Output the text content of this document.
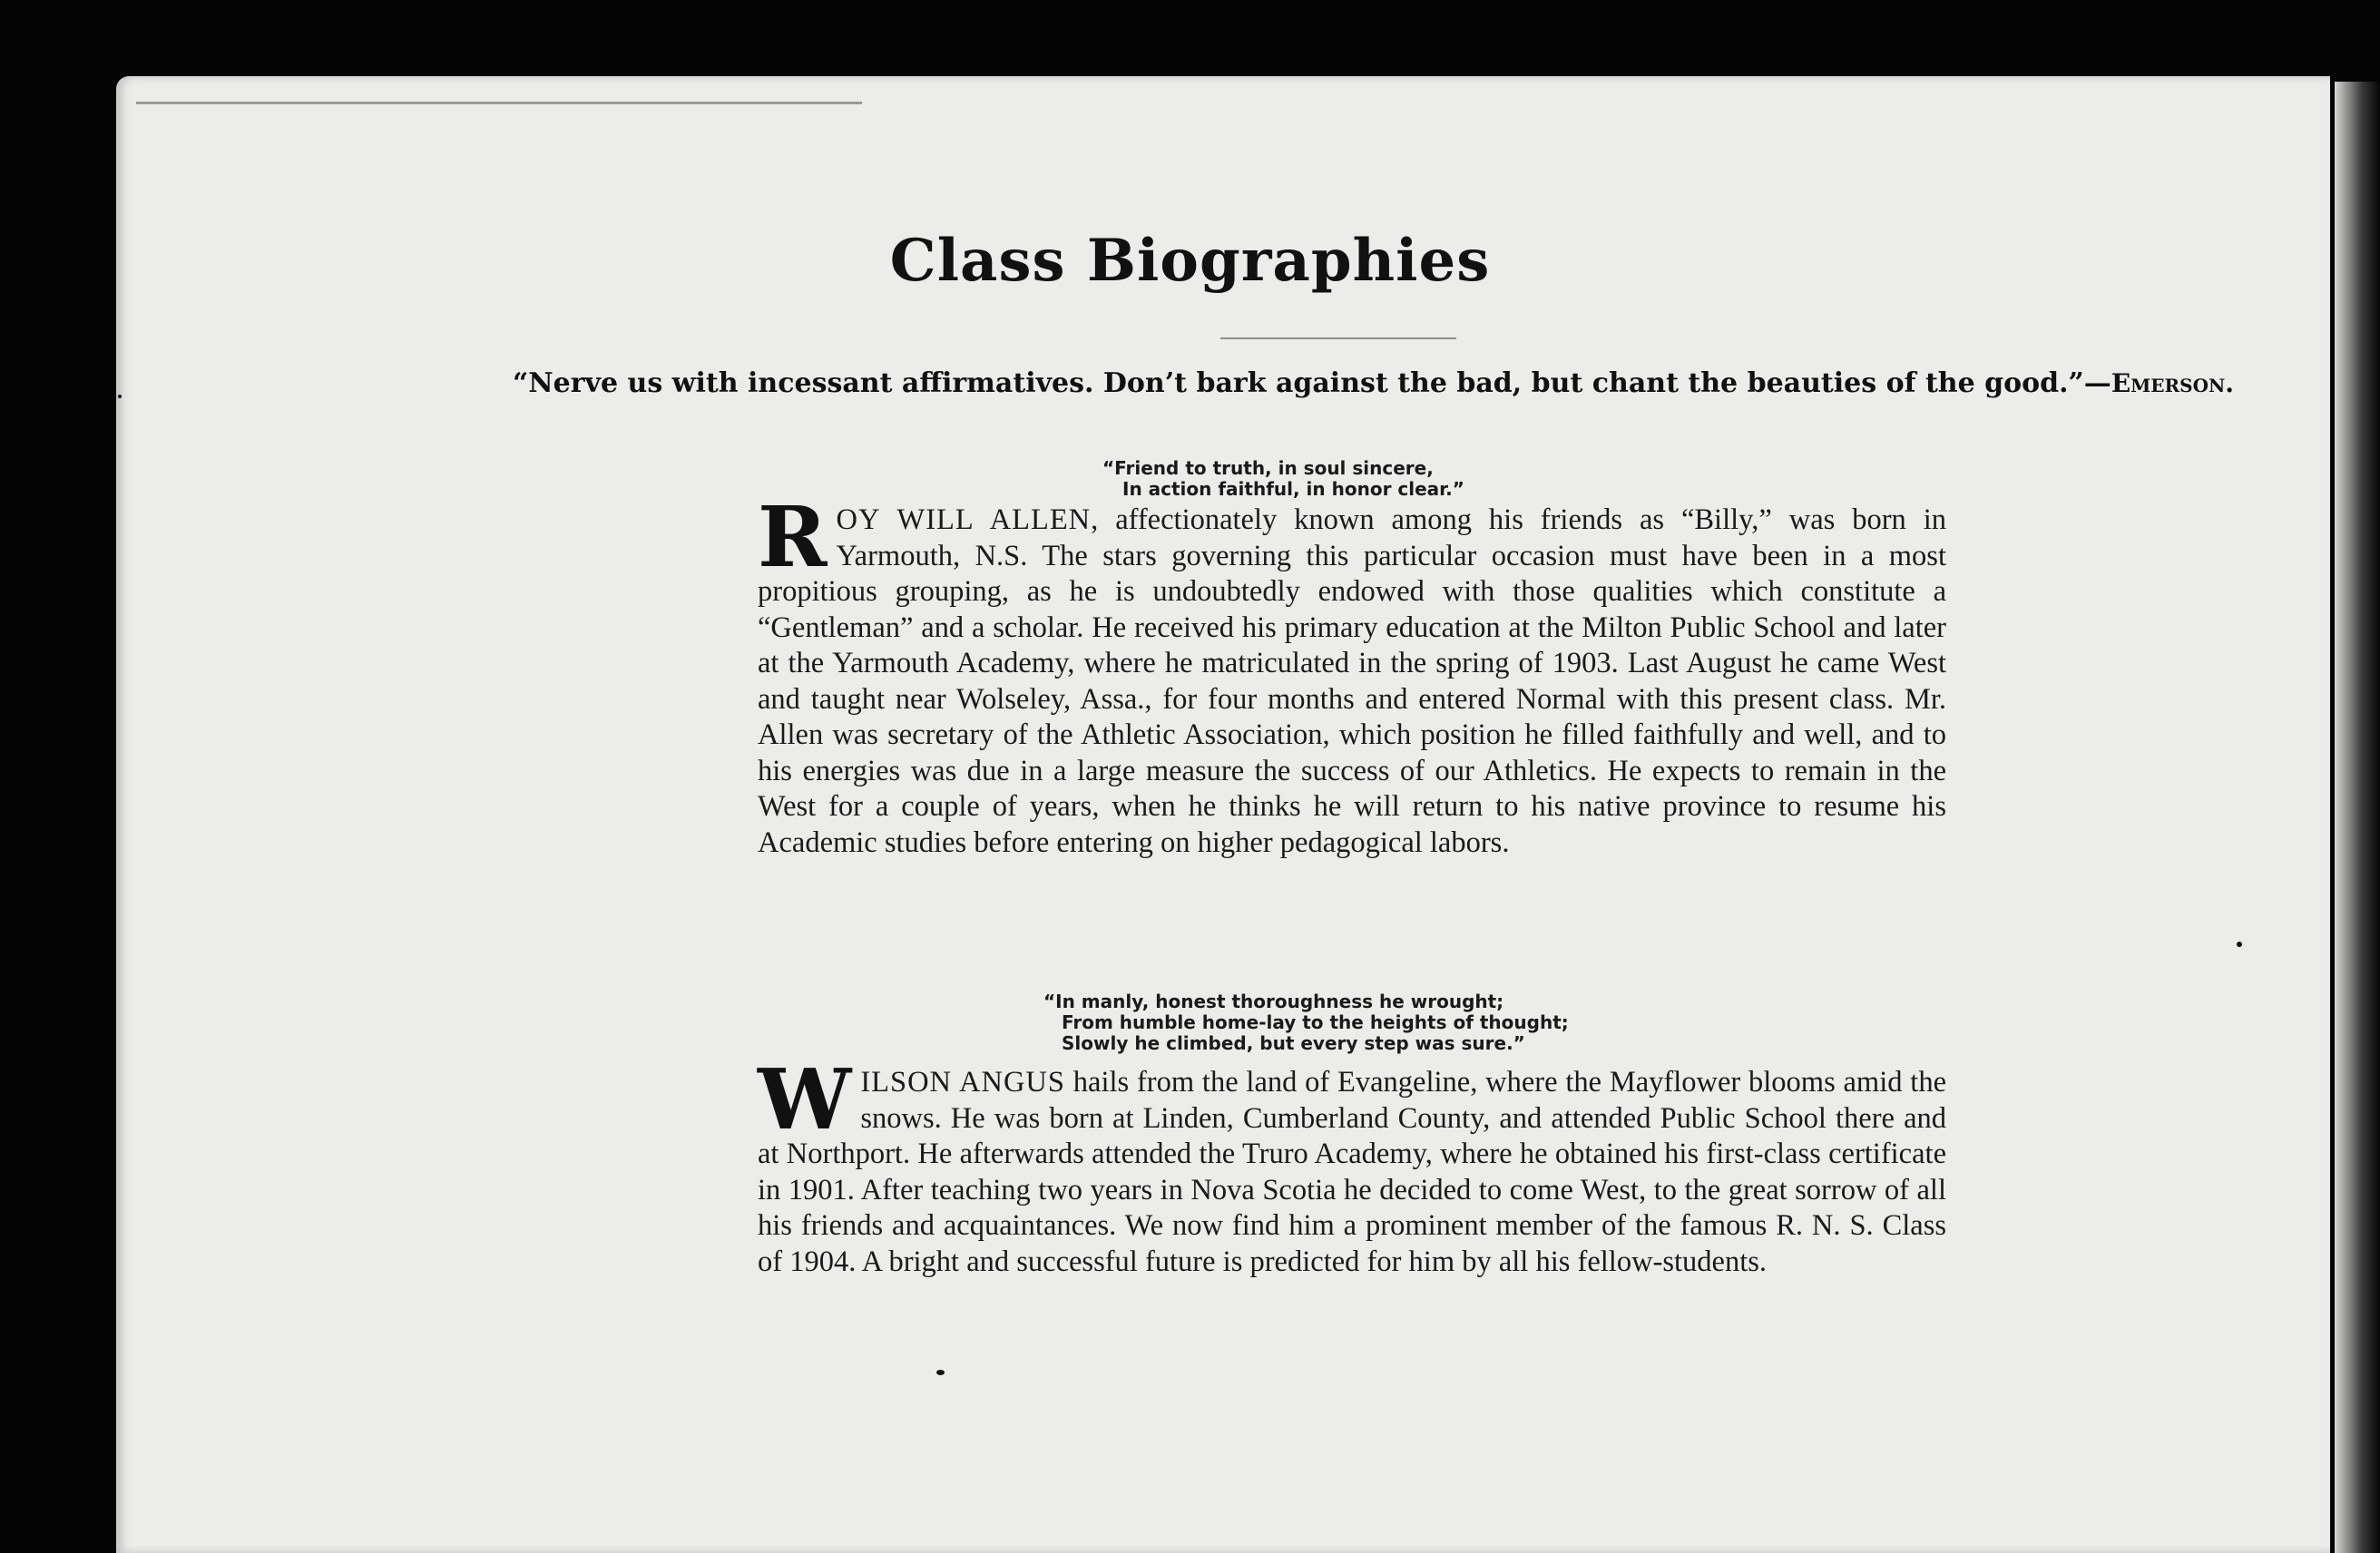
Class Biographies
“Nerve us with incessant affirmatives. Don’t bark against the bad, but chant the beauties of the good.”—Emerson.
“Friend to truth, in soul sincere,
In action faithful, in honor clear.”
ROY WILL ALLEN, affectionately known among his friends as “Billy,” was born in Yarmouth, N.S. The stars governing this particular occasion must have been in a most propitious grouping, as he is undoubtedly endowed with those qualities which constitute a “Gentleman” and a scholar. He received his primary education at the Milton Public School and later at the Yarmouth Academy, where he matriculated in the spring of 1903. Last August he came West and taught near Wolseley, Assa., for four months and entered Normal with this present class. Mr. Allen was secretary of the Athletic Association, which position he filled faithfully and well, and to his energies was due in a large measure the success of our Athletics. He expects to remain in the West for a couple of years, when he thinks he will return to his native province to resume his Academic studies before entering on higher pedagogical labors.
“In manly, honest thoroughness he wrought;
From humble home-lay to the heights of thought;
Slowly he climbed, but every step was sure.”
WILSON ANGUS hails from the land of Evangeline, where the Mayflower blooms amid the snows. He was born at Linden, Cumberland County, and attended Public School there and at Northport. He afterwards attended the Truro Academy, where he obtained his first-class certificate in 1901. After teaching two years in Nova Scotia he decided to come West, to the great sorrow of all his friends and acquaintances. We now find him a prominent member of the famous R. N. S. Class of 1904. A bright and successful future is predicted for him by all his fellow-students.
